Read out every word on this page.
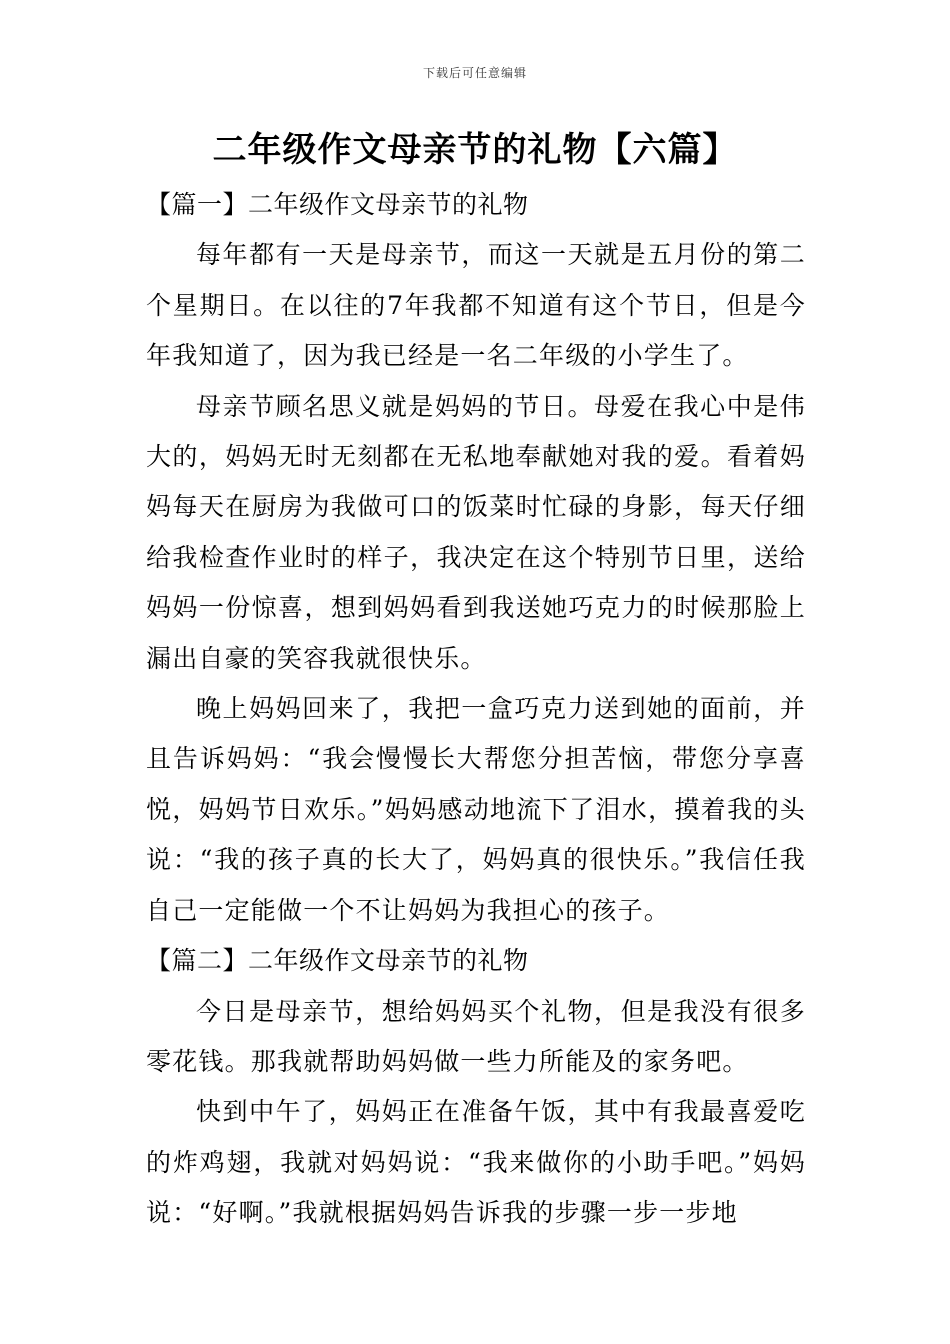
下载后可任意编辑
二年级作文母亲节的礼物【六篇】
【篇一】二年级作文母亲节的礼物

每年都有一天是母亲节，而这一天就是五月份的第二个星期日。在以往的7年我都不知道有这个节日，但是今年我知道了，因为我已经是一名二年级的小学生了。

母亲节顾名思义就是妈妈的节日。母爱在我心中是伟大的，妈妈无时无刻都在无私地奉献她对我的爱。看着妈妈每天在厨房为我做可口的饭菜时忙碌的身影，每天仔细给我检查作业时的样子，我决定在这个特别节日里，送给妈妈一份惊喜，想到妈妈看到我送她巧克力的时候那脸上漏出自豪的笑容我就很快乐。

晚上妈妈回来了，我把一盒巧克力送到她的面前，并且告诉妈妈：“我会慢慢长大帮您分担苦恼，带您分享喜悦，妈妈节日欢乐。”妈妈感动地流下了泪水，摸着我的头说：“我的孩子真的长大了，妈妈真的很快乐。”我信任我自己一定能做一个不让妈妈为我担心的孩子。

【篇二】二年级作文母亲节的礼物

今日是母亲节，想给妈妈买个礼物，但是我没有很多零花钱。那我就帮助妈妈做一些力所能及的家务吧。

快到中午了，妈妈正在准备午饭，其中有我最喜爱吃的炸鸡翅，我就对妈妈说：“我来做你的小助手吧。”妈妈说：“好啊。”我就根据妈妈告诉我的步骤一步一步地
